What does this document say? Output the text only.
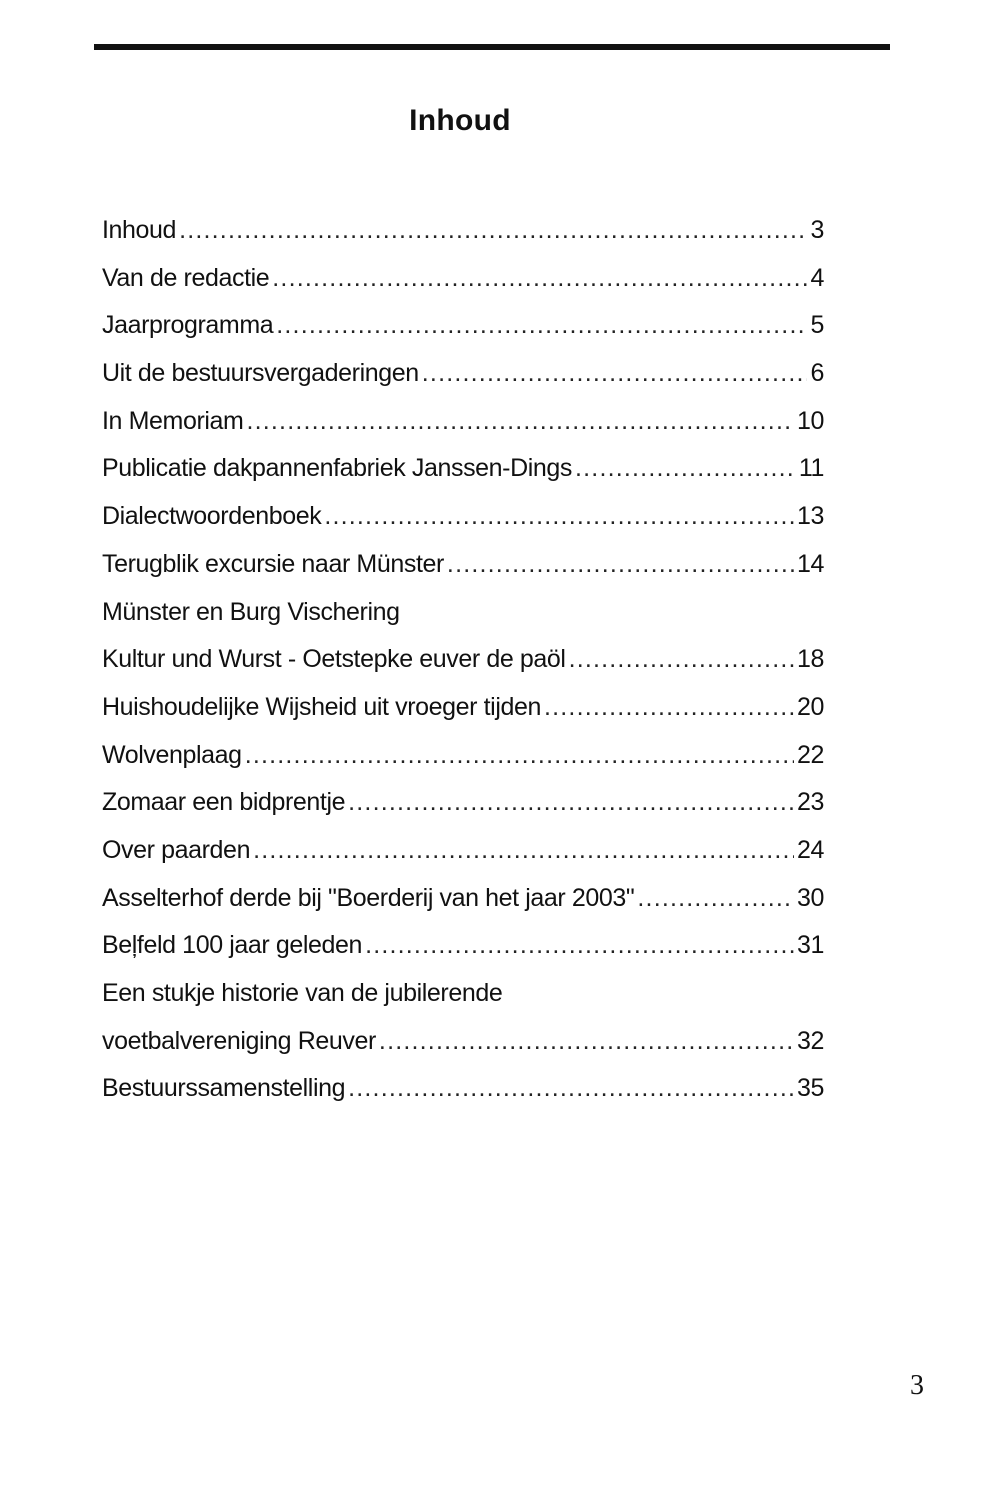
Inhoud
Inhoud .....	3
Van de redactie .....	4
Jaarprogramma .....	5
Uit de bestuursvergaderingen .....	6
In Memoriam .....	10
Publicatie dakpannenfabriek Janssen-Dings .....	11
Dialectwoordenboek .....	13
Terugblik excursie naar Münster .....	14
Münster en Burg Vischering
Kultur und Wurst - Oetstepke euver de paöl .....	18
Huishoudelijke Wijsheid uit vroeger tijden .....	20
Wolvenplaag .....	22
Zomaar een bidprentje .....	23
Over paarden .....	24
Asselterhof derde bij "Boerderij van het jaar 2003" .....	30
Beļfeld 100 jaar geleden .....	31
Een stukje historie van de jubilerende
voetbalvereniging Reuver .....	32
Bestuurssamenstelling .....	35
3
